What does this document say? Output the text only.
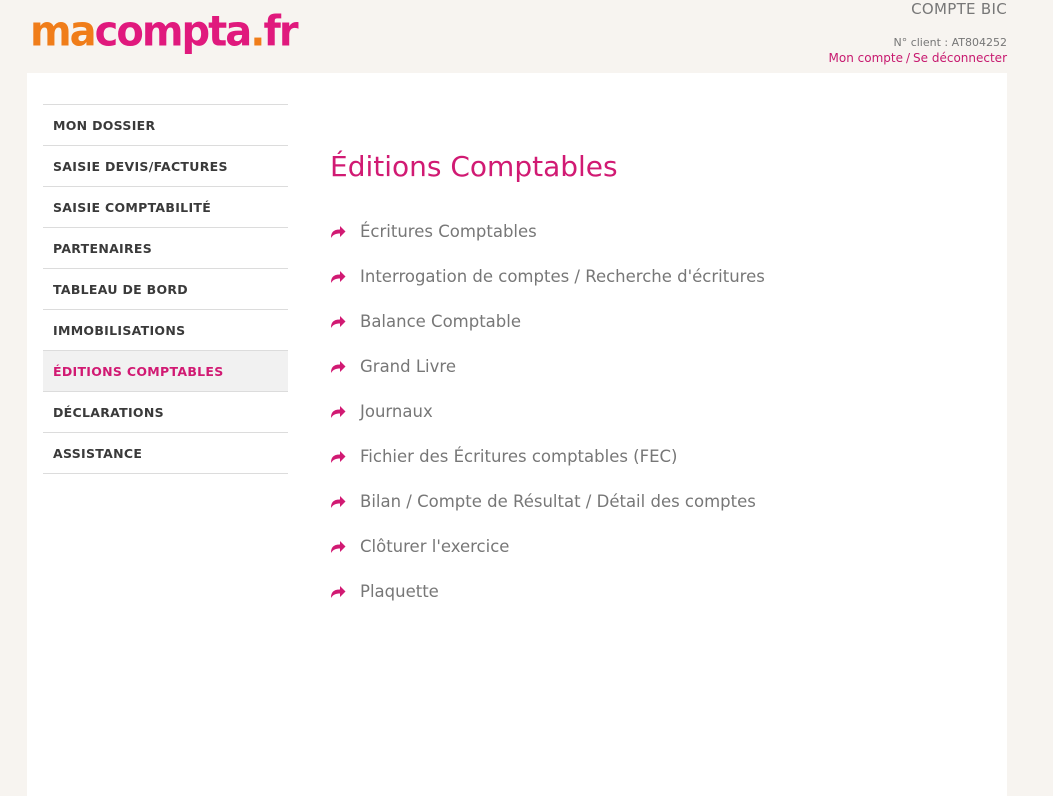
macompta.fr	COMPTE BIC
N° client : AT804252
Mon compte / Se déconnecter
MON DOSSIER
SAISIE DEVIS/FACTURES
SAISIE COMPTABILITÉ
PARTENAIRES
TABLEAU DE BORD
IMMOBILISATIONS
ÉDITIONS COMPTABLES
DÉCLARATIONS
ASSISTANCE
Éditions Comptables
Écritures Comptables
Interrogation de comptes / Recherche d'écritures
Balance Comptable
Grand Livre
Journaux
Fichier des Écritures comptables (FEC)
Bilan / Compte de Résultat / Détail des comptes
Clôturer l'exercice
Plaquette
